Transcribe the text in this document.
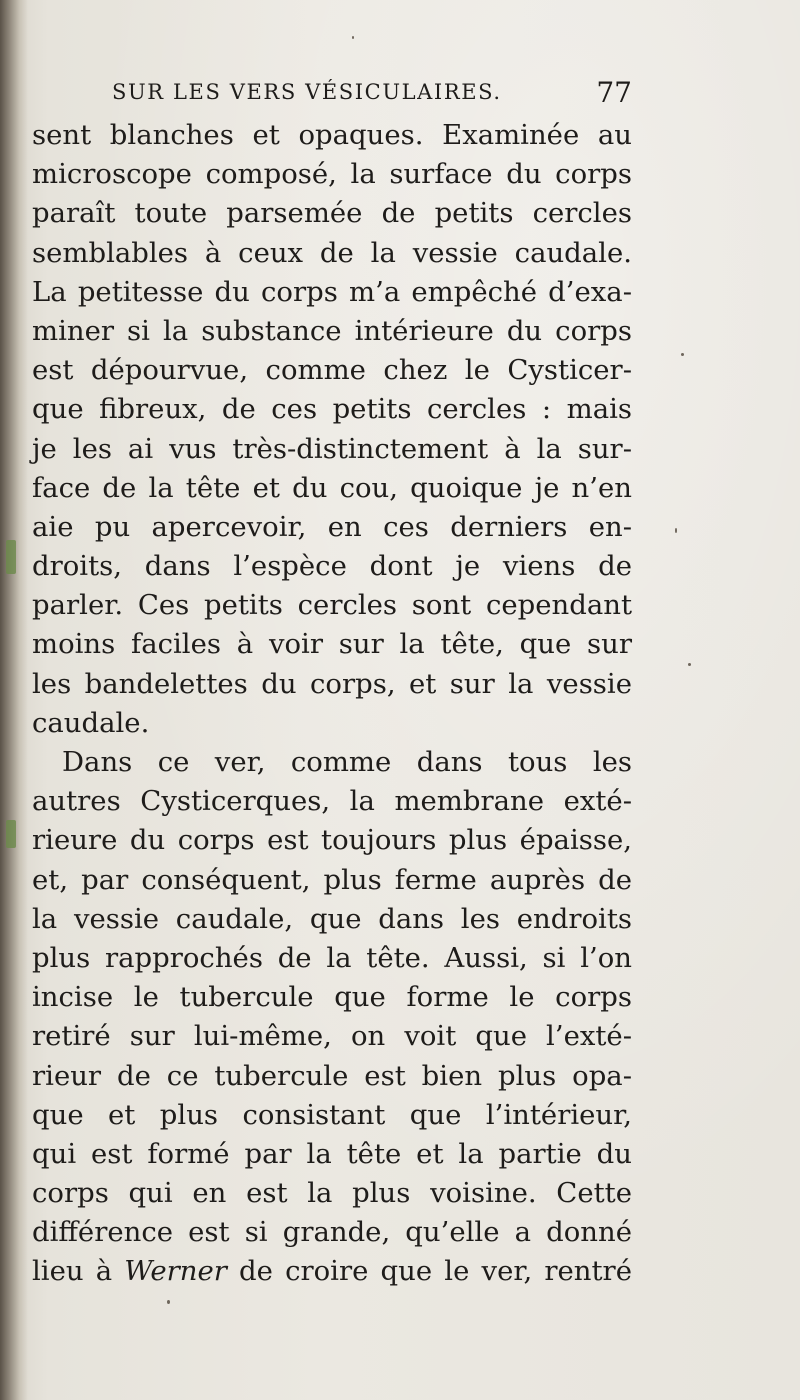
SUR LES VERS VÉSICULAIRES.	77
sent blanches et opaques. Examinée au
microscope composé, la surface du corps
paraît toute parsemée de petits cercles
semblables à ceux de la vessie caudale.
La petitesse du corps m’a empêché d’exa-
miner si la substance intérieure du corps
est dépourvue, comme chez le Cysticer-
que fibreux, de ces petits cercles : mais
je les ai vus très-distinctement à la sur-
face de la tête et du cou, quoique je n’en
aie pu apercevoir, en ces derniers en-
droits, dans l’espèce dont je viens de
parler. Ces petits cercles sont cependant
moins faciles à voir sur la tête, que sur
les bandelettes du corps, et sur la vessie
caudale.
Dans ce ver, comme dans tous les
autres Cysticerques, la membrane exté-
rieure du corps est toujours plus épaisse,
et, par conséquent, plus ferme auprès de
la vessie caudale, que dans les endroits
plus rapprochés de la tête. Aussi, si l’on
incise le tubercule que forme le corps
retiré sur lui-même, on voit que l’exté-
rieur de ce tubercule est bien plus opa-
que et plus consistant que l’intérieur,
qui est formé par la tête et la partie du
corps qui en est la plus voisine. Cette
différence est si grande, qu’elle a donné
lieu à Werner de croire que le ver, rentré
